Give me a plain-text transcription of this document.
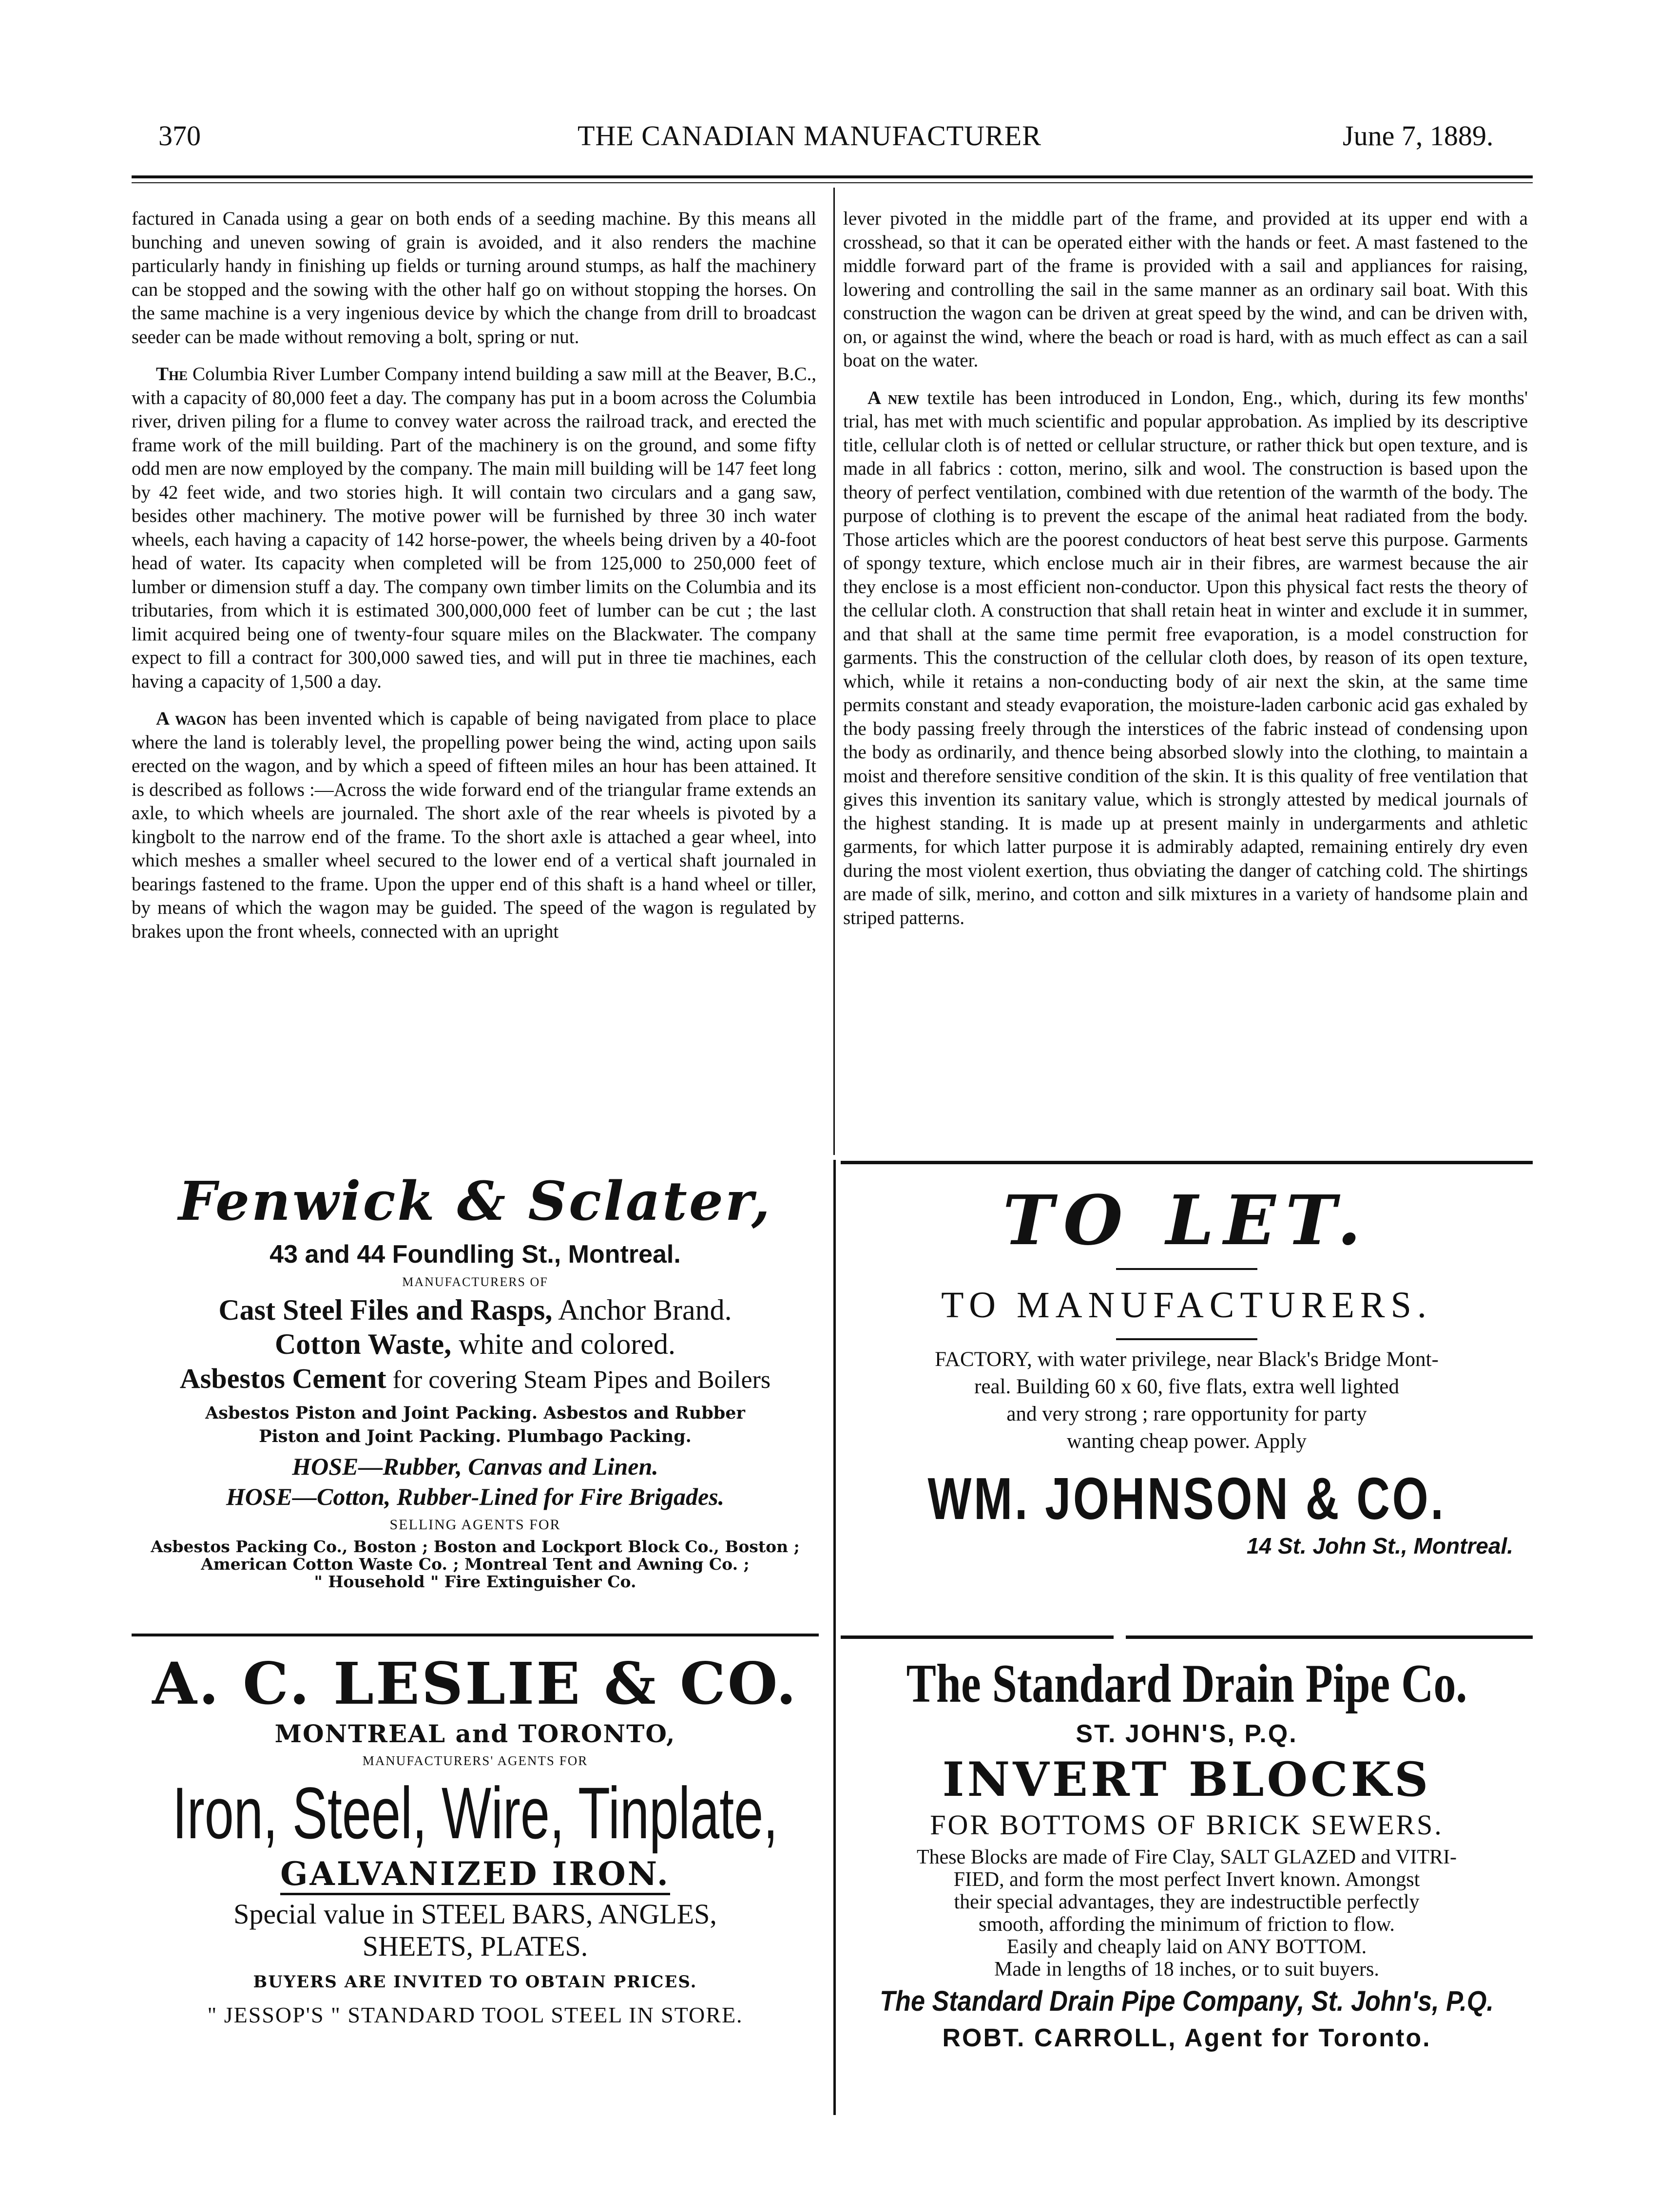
370	THE CANADIAN MANUFACTURER	June 7, 1889.

factured in Canada using a gear on both ends of a seeding machine. By this means all bunching and uneven sowing of grain is avoided, and it also renders the machine particularly handy in finishing up fields or turning around stumps, as half the machinery can be stopped and the sowing with the other half go on without stopping the horses. On the same machine is a very ingenious device by which the change from drill to broadcast seeder can be made without removing a bolt, spring or nut.

The Columbia River Lumber Company intend building a saw mill at the Beaver, B.C., with a capacity of 80,000 feet a day. The company has put in a boom across the Columbia river, driven piling for a flume to convey water across the railroad track, and erected the frame work of the mill building. Part of the machinery is on the ground, and some fifty odd men are now employed by the company. The main mill building will be 147 feet long by 42 feet wide, and two stories high. It will contain two circulars and a gang saw, besides other machinery. The motive power will be furnished by three 30 inch water wheels, each having a capacity of 142 horse-power, the wheels being driven by a 40-foot head of water. Its capacity when completed will be from 125,000 to 250,000 feet of lumber or dimension stuff a day. The company own timber limits on the Columbia and its tributaries, from which it is estimated 300,000,000 feet of lumber can be cut ; the last limit acquired being one of twenty-four square miles on the Blackwater. The company expect to fill a contract for 300,000 sawed ties, and will put in three tie machines, each having a capacity of 1,500 a day.

A wagon has been invented which is capable of being navigated from place to place where the land is tolerably level, the propelling power being the wind, acting upon sails erected on the wagon, and by which a speed of fifteen miles an hour has been attained. It is described as follows :—Across the wide forward end of the triangular frame extends an axle, to which wheels are journaled. The short axle of the rear wheels is pivoted by a kingbolt to the narrow end of the frame. To the short axle is attached a gear wheel, into which meshes a smaller wheel secured to the lower end of a vertical shaft journaled in bearings fastened to the frame. Upon the upper end of this shaft is a hand wheel or tiller, by means of which the wagon may be guided. The speed of the wagon is regulated by brakes upon the front wheels, connected with an upright

lever pivoted in the middle part of the frame, and provided at its upper end with a crosshead, so that it can be operated either with the hands or feet. A mast fastened to the middle forward part of the frame is provided with a sail and appliances for raising, lowering and controlling the sail in the same manner as an ordinary sail boat. With this construction the wagon can be driven at great speed by the wind, and can be driven with, on, or against the wind, where the beach or road is hard, with as much effect as can a sail boat on the water.

A new textile has been introduced in London, Eng., which, during its few months' trial, has met with much scientific and popular approbation. As implied by its descriptive title, cellular cloth is of netted or cellular structure, or rather thick but open texture, and is made in all fabrics : cotton, merino, silk and wool. The construction is based upon the theory of perfect ventilation, combined with due retention of the warmth of the body. The purpose of clothing is to prevent the escape of the animal heat radiated from the body. Those articles which are the poorest conductors of heat best serve this purpose. Garments of spongy texture, which enclose much air in their fibres, are warmest because the air they enclose is a most efficient non-conductor. Upon this physical fact rests the theory of the cellular cloth. A construction that shall retain heat in winter and exclude it in summer, and that shall at the same time permit free evaporation, is a model construction for garments. This the construction of the cellular cloth does, by reason of its open texture, which, while it retains a non-conducting body of air next the skin, at the same time permits constant and steady evaporation, the moisture-laden carbonic acid gas exhaled by the body passing freely through the interstices of the fabric instead of condensing upon the body as ordinarily, and thence being absorbed slowly into the clothing, to maintain a moist and therefore sensitive condition of the skin. It is this quality of free ventilation that gives this invention its sanitary value, which is strongly attested by medical journals of the highest standing. It is made up at present mainly in undergarments and athletic garments, for which latter purpose it is admirably adapted, remaining entirely dry even during the most violent exertion, thus obviating the danger of catching cold. The shirtings are made of silk, merino, and cotton and silk mixtures in a variety of handsome plain and striped patterns.

Fenwick & Sclater,
43 and 44 Foundling St., Montreal.
MANUFACTURERS OF
Cast Steel Files and Rasps, Anchor Brand.
Cotton Waste, white and colored.
Asbestos Cement for covering Steam Pipes and Boilers
Asbestos Piston and Joint Packing. Asbestos and Rubber
Piston and Joint Packing. Plumbago Packing.
HOSE—Rubber, Canvas and Linen.
HOSE—Cotton, Rubber-Lined for Fire Brigades.
SELLING AGENTS FOR
Asbestos Packing Co., Boston ; Boston and Lockport Block Co., Boston ;
American Cotton Waste Co. ; Montreal Tent and Awning Co. ;
" Household " Fire Extinguisher Co.
TO LET.
TO MANUFACTURERS.
FACTORY, with water privilege, near Black's Bridge Mont-
real. Building 60 x 60, five flats, extra well lighted
and very strong ; rare opportunity for party
wanting cheap power. Apply
WM. JOHNSON & CO.
14 St. John St., Montreal.
A. C. LESLIE & CO.
MONTREAL and TORONTO,
MANUFACTURERS' AGENTS FOR
Iron, Steel, Wire, Tinplate,
GALVANIZED IRON.
Special value in STEEL BARS, ANGLES,
SHEETS, PLATES.
BUYERS ARE INVITED TO OBTAIN PRICES.
" JESSOP'S " STANDARD TOOL STEEL IN STORE.
The Standard Drain Pipe Co.
ST. JOHN'S, P.Q.
INVERT BLOCKS
FOR BOTTOMS OF BRICK SEWERS.
These Blocks are made of Fire Clay, SALT GLAZED and VITRI-
FIED, and form the most perfect Invert known. Amongst
their special advantages, they are indestructible perfectly
smooth, affording the minimum of friction to flow.
Easily and cheaply laid on ANY BOTTOM.
Made in lengths of 18 inches, or to suit buyers.
The Standard Drain Pipe Company, St. John's, P.Q.
ROBT. CARROLL, Agent for Toronto.
